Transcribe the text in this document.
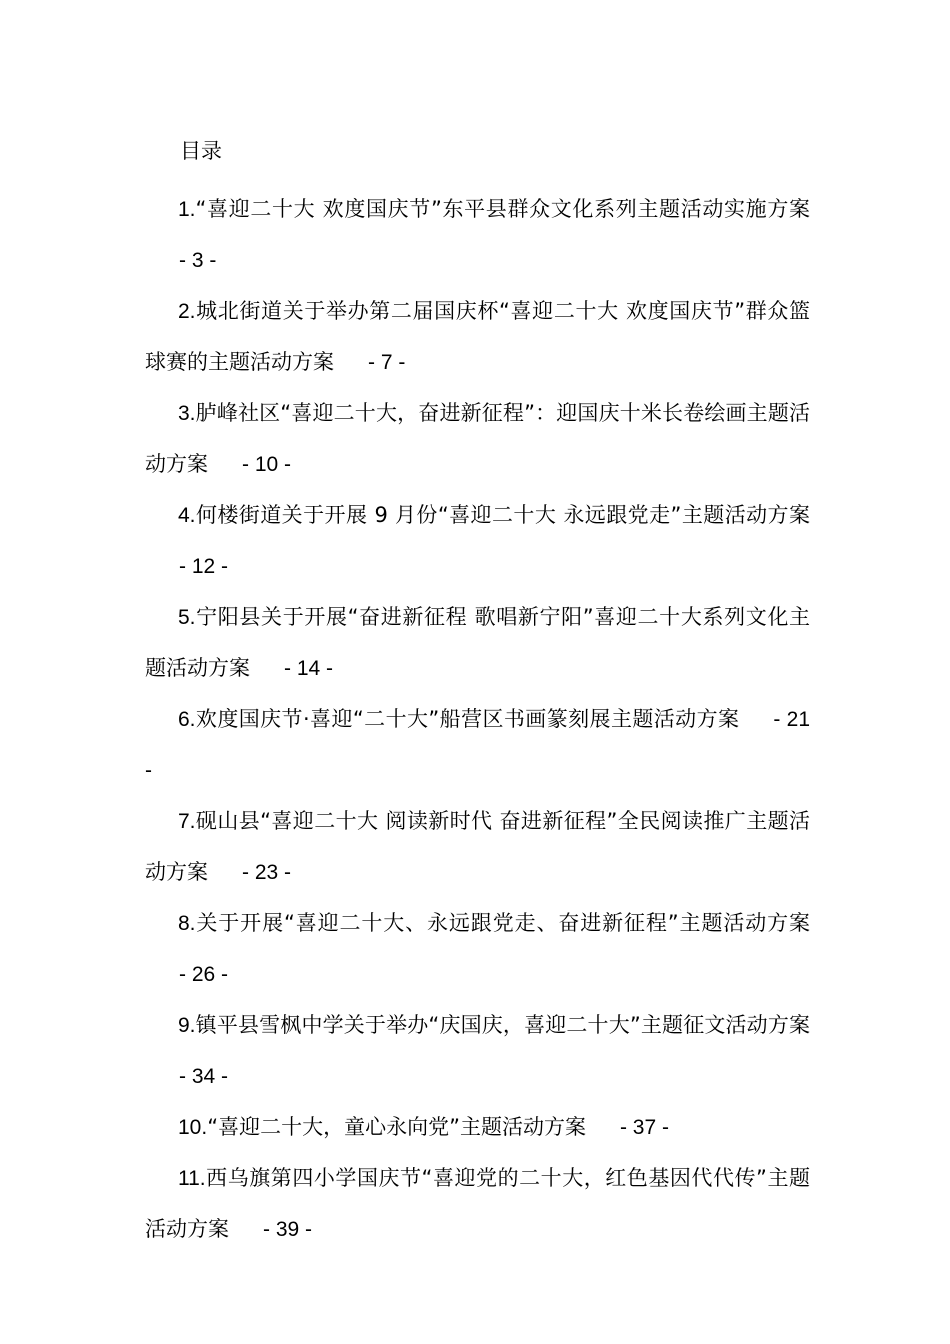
目录
1.“喜迎二十大 欢度国庆节”东平县群众文化系列主题活动实施方案- 3 -
2.城北街道关于举办第二届国庆杯“喜迎二十大 欢度国庆节”群众篮球赛的主题活动方案 - 7 -
3.胪峰社区“喜迎二十大，奋进新征程”：迎国庆十米长卷绘画主题活动方案 - 10 -
4.何楼街道关于开展 9 月份“喜迎二十大 永远跟党走”主题活动方案- 12 -
5.宁阳县关于开展“奋进新征程 歌唱新宁阳”喜迎二十大系列文化主题活动方案 - 14 -
6.欢度国庆节·喜迎“二十大”船营区书画篆刻展主题活动方案 - 21 -
7.砚山县“喜迎二十大 阅读新时代 奋进新征程”全民阅读推广主题活动方案 - 23 -
8.关于开展“喜迎二十大、永远跟党走、奋进新征程”主题活动方案- 26 -
9.镇平县雪枫中学关于举办“庆国庆，喜迎二十大”主题征文活动方案- 34 -
10.“喜迎二十大，童心永向党”主题活动方案 - 37 -
11.西乌旗第四小学国庆节“喜迎党的二十大，红色基因代代传”主题活动方案 - 39 -
